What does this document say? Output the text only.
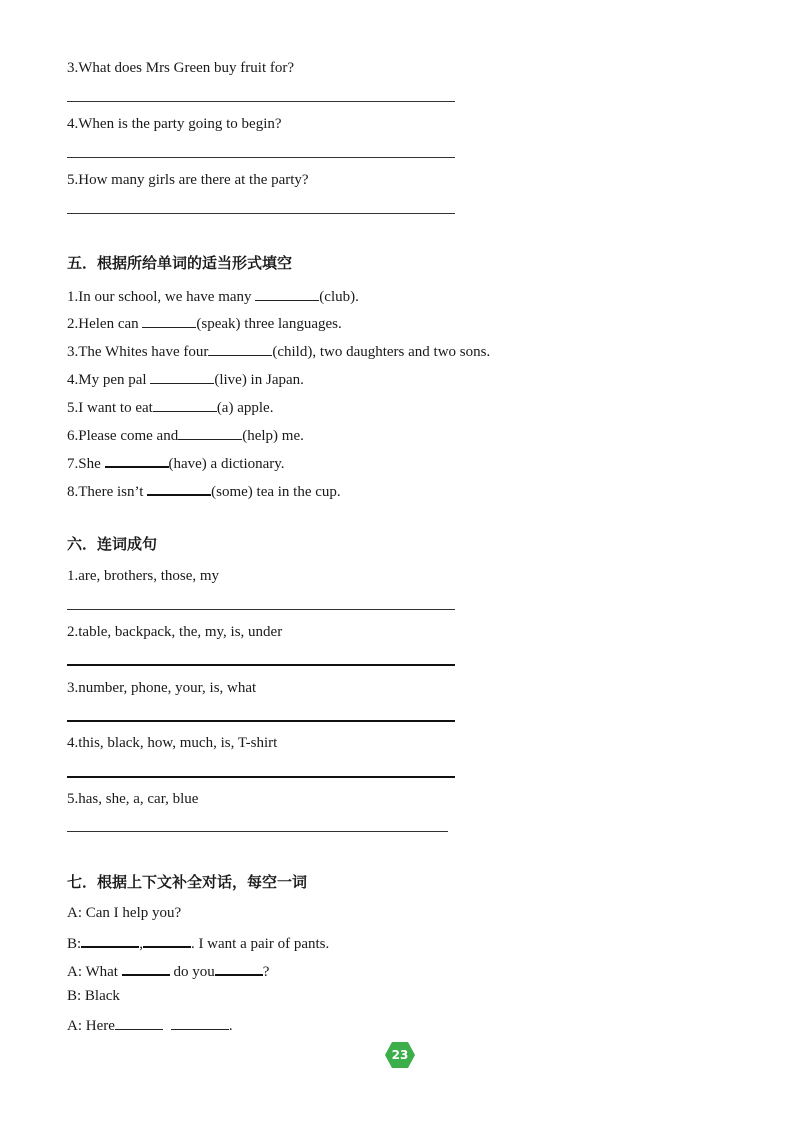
3.What does Mrs Green buy fruit for?
4.When is the party going to begin?
5.How many girls are there at the party?
五．根据所给单词的适当形式填空
1.In our school, we have many	(club).
2.Helen can	(speak) three languages.
3.The Whites have four	(child), two daughters and two sons.
4.My pen pal	(live) in Japan.
5.I want to eat	(a) apple.
6.Please come and	(help) me.
7.She	(have) a dictionary.
8.There isn’t	(some) tea in the cup.
六．连词成句
1.are, brothers, those, my
2.table, backpack, the, my, is, under
3.number, phone, your, is, what
4.this, black, how, much, is, T-shirt
5.has, she, a, car, blue
七．根据上下文补全对话，每空一词
A: Can I help you?
B:	,	. I want a pair of pants.
A: What	do you	?
B: Black
A: Here	.
23
